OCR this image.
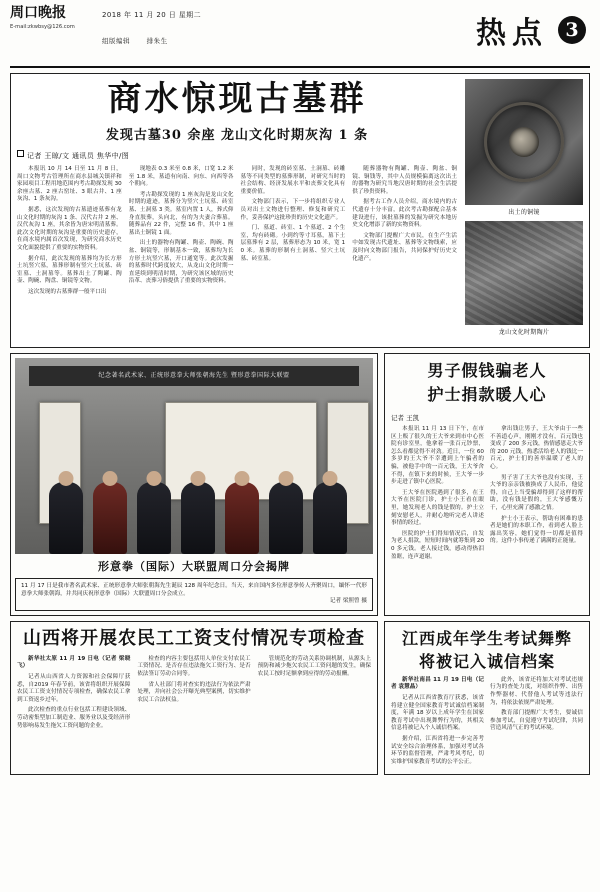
周口晚报
E-mail:zkwbsy@126.com
2018 年 11 月 20 日 星期二
组版编辑	排朱生	热点 3
商水惊现古墓群
发现古墓30 余座 龙山文化时期灰沟 1 条
记者 王晾/文 通讯员 焦华中/图

本报讯 10 月 14 日至 11 月 8 日，周口文物考古管理所在商水县城关镇祥和家园项目工程用地范围内考古勘探发现 30 余座古墓、2 座古窑址、3 眼古井、1 座灰沟、1 条灰沟。

据悉，这次发现的古墓遗迹墓葬有龙山文化时期的灰沟 1 条、汉代古井 2 座、汉代灰沟 1 座，其余皆为唐宋明清墓葬。此次文化时期的灰沟是重要的历史遗存，在商水境内属首次发现，为研究商水历史文化面貌提供了重要的实物资料。

据介绍，此次发现的墓葬均为长方形土坑竖穴墓，墓葬形制有竖穴土坑墓、砖室墓、土洞墓等。墓葬出土了陶罐、陶壶、陶碗、陶盘、铜镜等文物。

这次发现的古墓葬群一般平口出

现地表 0.3 米至 0.8 米，口宽 1.2 米至 1.8 米，墓道有向南、向东、向西等各个朝向。

考古勘探发现的 1 座灰沟是龙山文化时期的遗迹。墓葬分为竖穴土坑墓、砖室墓、土洞墓 3 类。墓室内置 1 人，葬式仰身直肢葬，头向北，有的为夫妻合葬墓。随葬品有 22 件，完整 16 件，其中 1 座墓出土铜镜 1 面。

出土的器物有陶罐、陶壶、陶碗、陶盆、铜镜等，形制基本一致，墓葬均为长方形土坑竖穴墓，开口通宽等。此次发掘的墓葬时代跨度较大，从龙山文化时期一直延续到明清时期，为研究该区域的历史沿革、丧葬习俗提供了重要的实物资料。

同时，发现的砖室墓、土洞墓、砖雕墓等不同类型的墓葬形制，对研究当时的社会结构、经济发展水平和丧葬文化具有重要价值。

文物部门表示，下一步将组织专业人员对出土文物进行整理、修复和研究工作，妥善保护这批珍贵的历史文化遗产。

门、墓道、砖室、1 个墓道、2 个生室，均有砖砌。小到约等寸耳墓，墓下土层墓葬有 2 层，墓葬形态为 10 米，宽 10 米。墓葬的形制有土洞墓、竖穴土坑墓、砖室墓。

随葬器物有陶罐、陶壶、陶盆、铜镜、铜钱等，其中人员规模偏离这次出土的器物为研究当地汉唐时期的社会生活提供了珍贵资料。

据考古工作人员介绍，商水境内的古代遗存十分丰富，此次考古勘探配合基本建设进行，该批墓葬的发掘为研究本地历史文化增添了新的实物资料。

文物部门提醒广大市民，在生产生活中如发现古代遗址、墓葬等文物线索，应及时向文物部门报告，共同保护好历史文化遗产。

出土的铜镜
龙山文化时期陶片
纪念著名武术家、正统形意拳大师张朝海先生 暨形意拳国际大联盟
形意拳（国际）大联盟周口分会揭牌
11 月 17 日是我市著名武术家、正统形意拳大师张朝海先生诞辰 128 周年纪念日。当天，来自国内多位形意拳传人齐聚周口，缅怀一代形意拳大师张朝海，并共同庆祝形意拳（国际）大联盟周口分会成立。
记者 梁照曾 摄
男子假钱骗老人
护士捐款暖人心
记者 王凯

本报讯 11 月 13 日下午，在市区上贩了很久的王大爷来到市中心医院有诊室里，他拿着一张百元钞票，怎么看都觉得不对劲。近日，一位 60 多岁的王大爷不幸遭到上午骗者的骗，被他手中的一百元钱，王大爷舍不得，在镇下来的时候，王大爷一步步走进了镇中心医院。

王大爷在医院遇到了很多，在王大爷在医院门诊，护士小王看在眼里，她发现老人的钱是假的。护士立刻安慰老人，并耐心地听完老人讲述事情的经过。

医院的护士们得知情况后，自发为老人捐款，短短时间内就筹集到 200 多元钱。老人接过钱，感动得热泪盈眶，连声道谢。

拿出钱让男子，王大爷由于一些不善道心声，刚刚才没有，百元钱也变成了 200 多元钱，热情感恩走大爷的 200 元钱，热悉活给老人的钱比一百元，护士们的善举温暖了老人的心。

男子害了王大爷也没有实现，王大爷的亲亲钱被换成了人民币，他觉得，自己上当受骗却得到了这样的帮助，没有钱是假的，王大爷感慨万千，心里充满了感激之情。

护士小王表示，帮助有困难的患者是她们的本职工作，看到老人脸上露出笑容，她们觉得一切都是值得的。这件小事传递了满满的正能量。

山西将开展农民工工资支付情况专项检查

新华社太原 11 月 19 日电（记者 梁晓飞）

记者从山西省人力资源和社会保障厅获悉，自2019 年春节前，该省将组织开展保障农民工工资支付情况专项检查，确保农民工拿到工资返乡过年。

此次检查的重点行业包括工程建设领域、劳动密集型加工制造业、服务业以及受经济形势影响易发生拖欠工资问题的企业。

检查的内容主要包括用人单位支付农民工工资情况、是否存在违法拖欠工资行为、是否依法签订劳动合同等。

省人社部门将对查实的违法行为依法严肃处理，并向社会公开曝光典型案例，切实维护农民工合法权益。

管规范化的劳动关系协调机制，从源头上预防和减少拖欠农民工工资问题的发生，确保农民工按时足额拿到应得的劳动报酬。

江西成年学生考试舞弊
将被记入诚信档案

新华社南昌 11 月 19 日电（记者 袁慧晶）

记者从江西省教育厅获悉，该省将建立健全国家教育考试诚信档案制度，年满 18 岁以上成年学生在国家教育考试中出现舞弊行为的，其相关信息将被记入个人诚信档案。

据介绍，江西省将进一步完善考试安全综合治理体系，加强对考试各环节的监督管理，严肃考风考纪，切实维护国家教育考试的公平公正。

此外，该省还将加大对考试违规行为的查处力度，对组织作弊、出售作弊器材、代替他人考试等违法行为，将依法依规严肃处理。

教育部门提醒广大考生，要诚信参加考试，自觉遵守考试纪律，共同营造风清气正的考试环境。
